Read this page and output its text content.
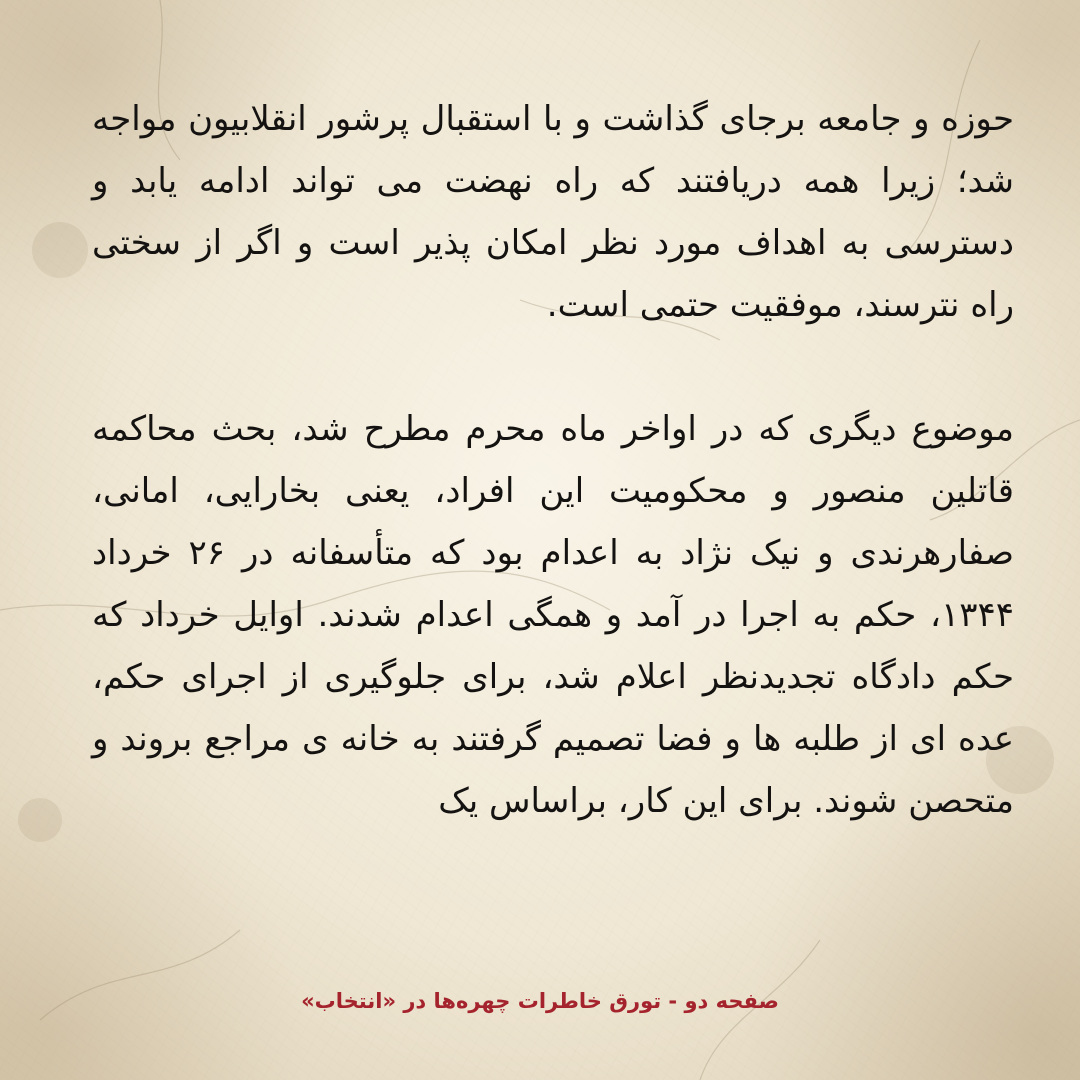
حوزه و جامعه برجای گذاشت و با استقبال پرشور انقلابیون مواجه شد؛ زیرا همه دریافتند که راه نهضت می تواند ادامه یابد و دسترسی به اهداف مورد نظر امکان پذیر است و اگر از سختی راه نترسند، موفقیت حتمی است.

موضوع دیگری که در اواخر ماه محرم مطرح شد، بحث محاکمه قاتلین منصور و محکومیت این افراد، یعنی بخارایی، امانی، صفارهرندی و نیک نژاد به اعدام بود که متأسفانه در ۲۶ خرداد ۱۳۴۴، حکم به اجرا در آمد و همگی اعدام شدند. اوایل خرداد که حکم دادگاه تجدیدنظر اعلام شد، برای جلوگیری از اجرای حکم، عده ای از طلبه ها و فضا تصمیم گرفتند به خانه ی مراجع بروند و متحصن شوند. برای این کار، براساس یک

صفحه دو - تورق خاطرات چهره‌ها در «انتخاب»
